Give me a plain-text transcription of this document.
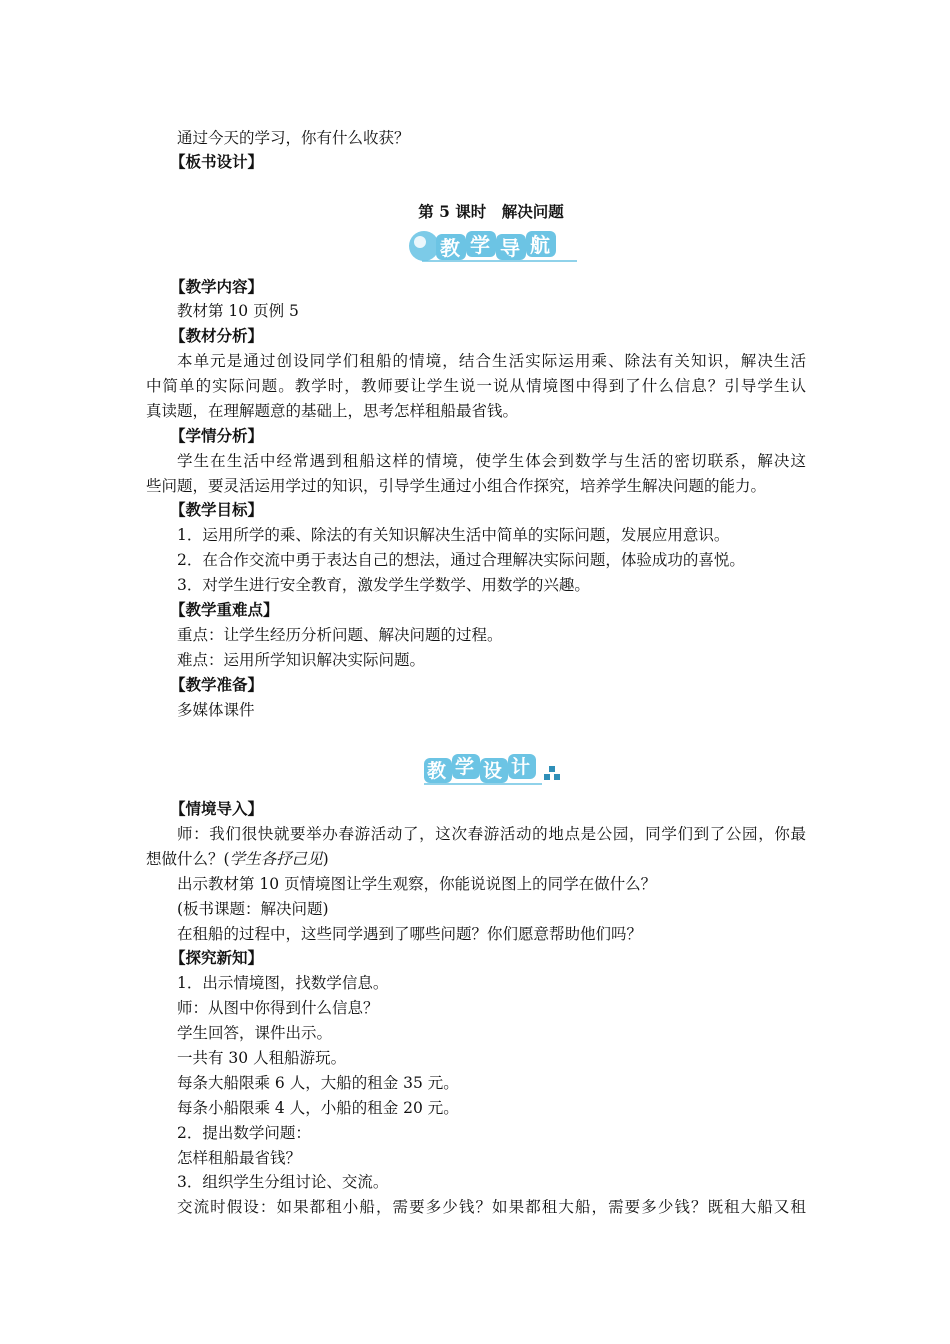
通过今天的学习，你有什么收获？
【板书设计】
第 5 课时　解决问题
教 学 导 航
【教学内容】
教材第 10 页例 5
【教材分析】
本单元是通过创设同学们租船的情境，结合生活实际运用乘、除法有关知识，解决生活
中简单的实际问题。教学时，教师要让学生说一说从情境图中得到了什么信息？引导学生认
真读题，在理解题意的基础上，思考怎样租船最省钱。
【学情分析】
学生在生活中经常遇到租船这样的情境，使学生体会到数学与生活的密切联系，解决这
些问题，要灵活运用学过的知识，引导学生通过小组合作探究，培养学生解决问题的能力。
【教学目标】
1．运用所学的乘、除法的有关知识解决生活中简单的实际问题，发展应用意识。
2．在合作交流中勇于表达自己的想法，通过合理解决实际问题，体验成功的喜悦。
3．对学生进行安全教育，激发学生学数学、用数学的兴趣。
【教学重难点】
重点：让学生经历分析问题、解决问题的过程。
难点：运用所学知识解决实际问题。
【教学准备】
多媒体课件
教 学 设 计
【情境导入】
师：我们很快就要举办春游活动了，这次春游活动的地点是公园，同学们到了公园，你最
想做什么？(学生各抒己见)
出示教材第 10 页情境图让学生观察，你能说说图上的同学在做什么？
(板书课题：解决问题)
在租船的过程中，这些同学遇到了哪些问题？你们愿意帮助他们吗？
【探究新知】
1．出示情境图，找数学信息。
师：从图中你得到什么信息？
学生回答，课件出示。
一共有 30 人租船游玩。
每条大船限乘 6 人，大船的租金 35 元。
每条小船限乘 4 人，小船的租金 20 元。
2．提出数学问题：
怎样租船最省钱？
3．组织学生分组讨论、交流。
交流时假设：如果都租小船，需要多少钱？如果都租大船，需要多少钱？既租大船又租
